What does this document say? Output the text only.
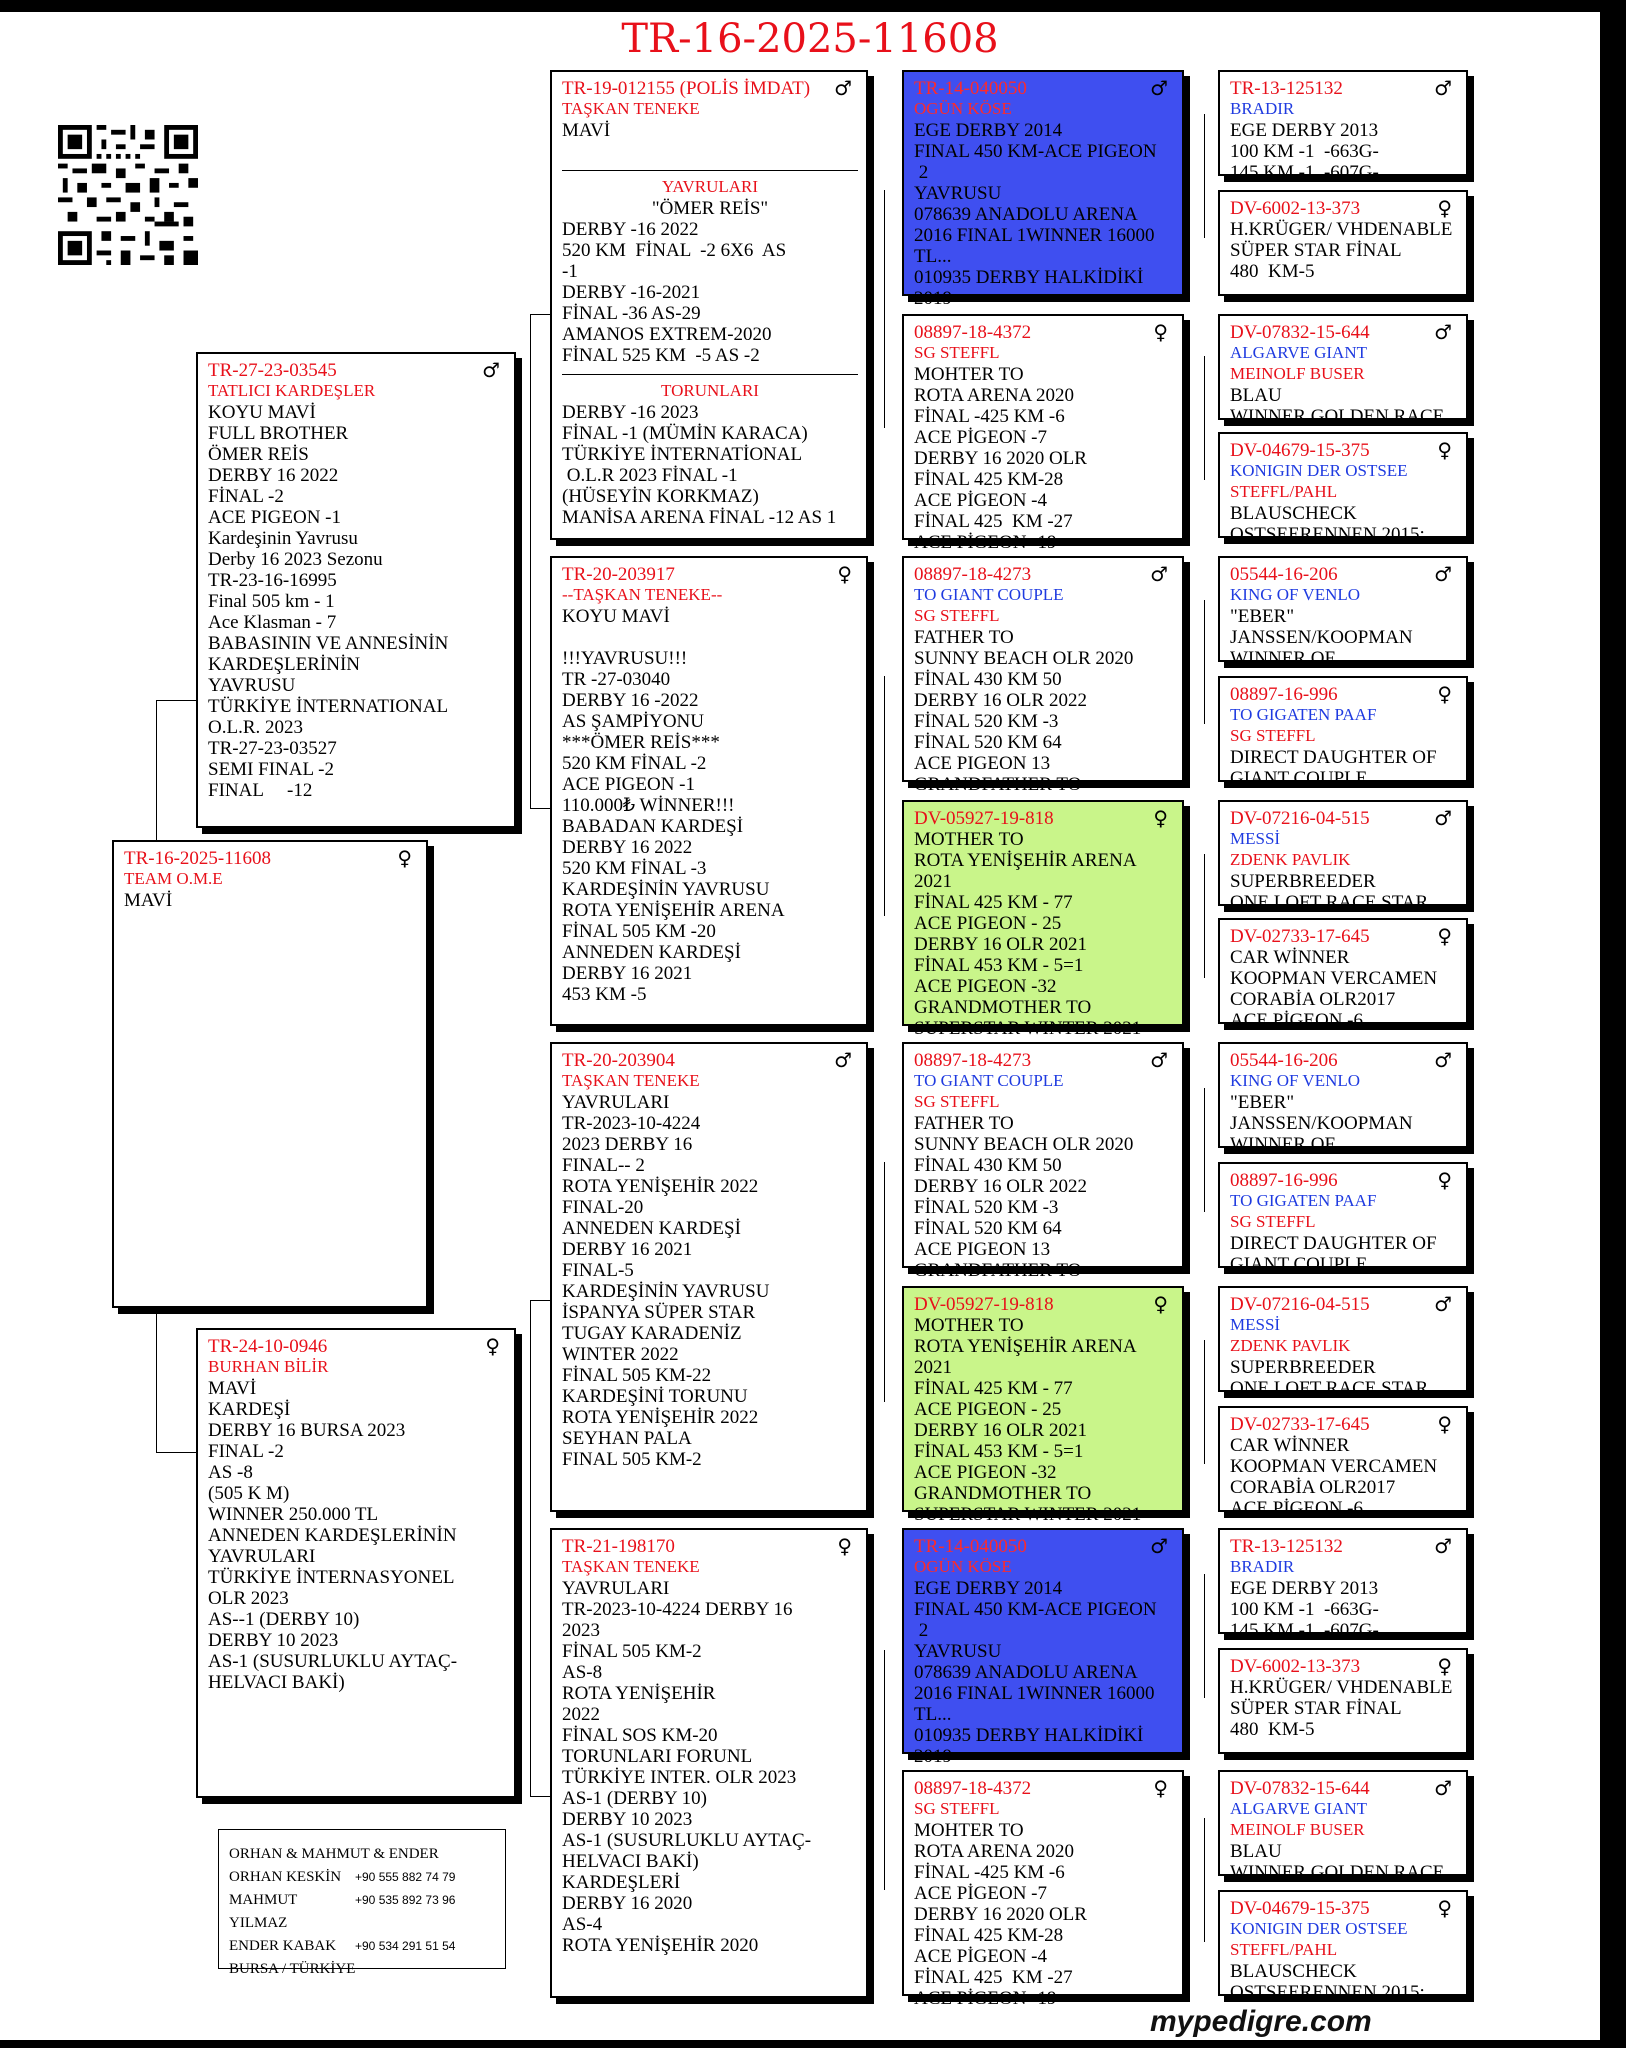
TR-16-2025-11608
TR-16-2025-11608	♀
TEAM O.M.E
MAVİ
TR-27-23-03545	♂
TATLICI KARDEŞLER
KOYU MAVİ
FULL BROTHER
ÖMER REİS
DERBY 16 2022
FİNAL -2
ACE PIGEON -1
Kardeşinin Yavrusu
Derby 16 2023 Sezonu
TR-23-16-16995
Final 505 km - 1
Ace Klasman - 7
BABASININ VE ANNESİNİN
KARDEŞLERİNİN
YAVRUSU
TÜRKİYE İNTERNATIONAL
O.L.R. 2023
TR-27-23-03527
SEMI FINAL -2
FINAL     -12
TR-24-10-0946	♀
BURHAN BİLİR
MAVİ
KARDEŞİ
DERBY 16 BURSA 2023
FINAL -2
AS -8
(505 K M)
WINNER 250.000 TL
ANNEDEN KARDEŞLERİNİN
YAVRULARI
TÜRKİYE İNTERNASYONEL
OLR 2023
AS--1 (DERBY 10)
DERBY 10 2023
AS-1 (SUSURLUKLU AYTAÇ-
HELVACI BAKİ)
TR-19-012155 (POLİS İMDAT) ♂
TAŞKAN TENEKE
MAVİ
YAVRULARI
"ÖMER REİS"
DERBY -16 2022
520 KM  FİNAL  -2 6X6  AS
-1
DERBY -16-2021
FİNAL -36 AS-29
AMANOS EXTREM-2020
FİNAL 525 KM  -5 AS -2
TORUNLARI
DERBY -16 2023
FİNAL -1 (MÜMİN KARACA)
TÜRKİYE İNTERNATİONAL
O.L.R 2023 FİNAL -1
(HÜSEYİN KORKMAZ)
MANİSA ARENA FİNAL -12 AS 1
TR-20-203917	♀
--TAŞKAN TENEKE--
KOYU MAVİ
!!!YAVRUSU!!!
TR -27-03040
DERBY 16 -2022
AS ŞAMPİYONU
***ÖMER REİS***
520 KM FİNAL -2
ACE PIGEON -1
110.000₺ WİNNER!!!
BABADAN KARDEŞİ
DERBY 16 2022
520 KM FİNAL -3
KARDEŞİNİN YAVRUSU
ROTA YENİŞEHİR ARENA
FİNAL 505 KM -20
ANNEDEN KARDEŞİ
DERBY 16 2021
453 KM -5
TR-20-203904	♂
TAŞKAN TENEKE
YAVRULARI
TR-2023-10-4224
2023 DERBY 16
FINAL-- 2
ROTA YENİŞEHİR 2022
FINAL-20
ANNEDEN KARDEŞİ
DERBY 16 2021
FINAL-5
KARDEŞİNİN YAVRUSU
İSPANYA SÜPER STAR
TUGAY KARADENİZ
WINTER 2022
FİNAL 505 KM-22
KARDEŞİNİ TORUNU
ROTA YENİŞEHİR 2022
SEYHAN PALA
FINAL 505 KM-2
TR-21-198170	♀
TAŞKAN TENEKE
YAVRULARI
TR-2023-10-4224 DERBY 16
2023
FİNAL 505 KM-2
AS-8
ROTA YENİŞEHİR
2022
FİNAL SOS KM-20
TORUNLARI FORUNL
TÜRKİYE INTER. OLR 2023
AS-1 (DERBY 10)
DERBY 10 2023
AS-1 (SUSURLUKLU AYTAÇ-
HELVACI BAKİ)
KARDEŞLERİ
DERBY 16 2020
AS-4
ROTA YENİŞEHİR 2020
TR-14-040050	♂
OGÜN KÖSE
EGE DERBY 2014
FINAL 450 KM-ACE PIGEON
2
YAVRUSU
078639 ANADOLU ARENA
2016 FINAL 1WINNER 16000
TL...
010935 DERBY HALKİDİKİ
2019
08897-18-4372	♀
SG STEFFL
MOHTER TO
ROTA ARENA 2020
FİNAL -425 KM -6
ACE PİGEON -7
DERBY 16 2020 OLR
FİNAL 425 KM-28
ACE PİGEON -4
FİNAL 425  KM -27
ACE PİGEON -19
08897-18-4273	♂
TO GIANT COUPLE
SG STEFFL
FATHER TO
SUNNY BEACH OLR 2020
FİNAL 430 KM 50
DERBY 16 OLR 2022
FİNAL 520 KM -3
FİNAL 520 KM 64
ACE PIGEON 13
GRANDFATHER TO
DV-05927-19-818	♀
MOTHER TO
ROTA YENİŞEHİR ARENA
2021
FİNAL 425 KM - 77
ACE PIGEON - 25
DERBY 16 OLR 2021
FİNAL 453 KM - 5=1
ACE PIGEON -32
GRANDMOTHER TO
SUPERSTAR WINTER 2021
08897-18-4273	♂
TO GIANT COUPLE
SG STEFFL
FATHER TO
SUNNY BEACH OLR 2020
FİNAL 430 KM 50
DERBY 16 OLR 2022
FİNAL 520 KM -3
FİNAL 520 KM 64
ACE PIGEON 13
GRANDFATHER TO
DV-05927-19-818	♀
MOTHER TO
ROTA YENİŞEHİR ARENA
2021
FİNAL 425 KM - 77
ACE PIGEON - 25
DERBY 16 OLR 2021
FİNAL 453 KM - 5=1
ACE PIGEON -32
GRANDMOTHER TO
SUPERSTAR WINTER 2021
TR-14-040050	♂
OGÜN KÖSE
EGE DERBY 2014
FINAL 450 KM-ACE PIGEON
2
YAVRUSU
078639 ANADOLU ARENA
2016 FINAL 1WINNER 16000
TL...
010935 DERBY HALKİDİKİ
2019
08897-18-4372	♀
SG STEFFL
MOHTER TO
ROTA ARENA 2020
FİNAL -425 KM -6
ACE PİGEON -7
DERBY 16 2020 OLR
FİNAL 425 KM-28
ACE PİGEON -4
FİNAL 425  KM -27
ACE PİGEON -19
TR-13-125132	♂
BRADIR
EGE DERBY 2013
100 KM -1  -663G-
145 KM -1  -607G-
DV-6002-13-373	♀
H.KRÜGER/ VHDENABLE
SÜPER STAR FİNAL
480  KM-5
DV-07832-15-644	♂
ALGARVE GIANT
MEINOLF BUSER
BLAU
WINNER GOLDEN RACE
DV-04679-15-375	♀
KONIGIN DER OSTSEE
STEFFL/PAHL
BLAUSCHECK
OSTSEERENNEN 2015:
05544-16-206	♂
KING OF VENLO
"EBER"
JANSSEN/KOOPMAN
WINNER OF
08897-16-996	♀
TO GIGATEN PAAF
SG STEFFL
DIRECT DAUGHTER OF
GIANT COUPLE
DV-07216-04-515	♂
MESSİ
ZDENK PAVLIK
SUPERBREEDER
ONE LOFT RACE STAR
DV-02733-17-645	♀
CAR WİNNER
KOOPMAN VERCAMEN
CORABİA OLR2017
ACE PİGEON -6
05544-16-206	♂
KING OF VENLO
"EBER"
JANSSEN/KOOPMAN
WINNER OF
08897-16-996	♀
TO GIGATEN PAAF
SG STEFFL
DIRECT DAUGHTER OF
GIANT COUPLE
DV-07216-04-515	♂
MESSİ
ZDENK PAVLIK
SUPERBREEDER
ONE LOFT RACE STAR
DV-02733-17-645	♀
CAR WİNNER
KOOPMAN VERCAMEN
CORABİA OLR2017
ACE PİGEON -6
TR-13-125132	♂
BRADIR
EGE DERBY 2013
100 KM -1  -663G-
145 KM -1  -607G-
DV-6002-13-373	♀
H.KRÜGER/ VHDENABLE
SÜPER STAR FİNAL
480  KM-5
DV-07832-15-644	♂
ALGARVE GIANT
MEINOLF BUSER
BLAU
WINNER GOLDEN RACE
DV-04679-15-375	♀
KONIGIN DER OSTSEE
STEFFL/PAHL
BLAUSCHECK
OSTSEERENNEN 2015:
ORHAN & MAHMUT & ENDER
ORHAN KESKİN	+90 555 882 74 79
MAHMUT YILMAZ
+90 535 892 73 96
ENDER KABAK	+90 534 291 51 54
BURSA / TÜRKİYE
mypedigre.com
